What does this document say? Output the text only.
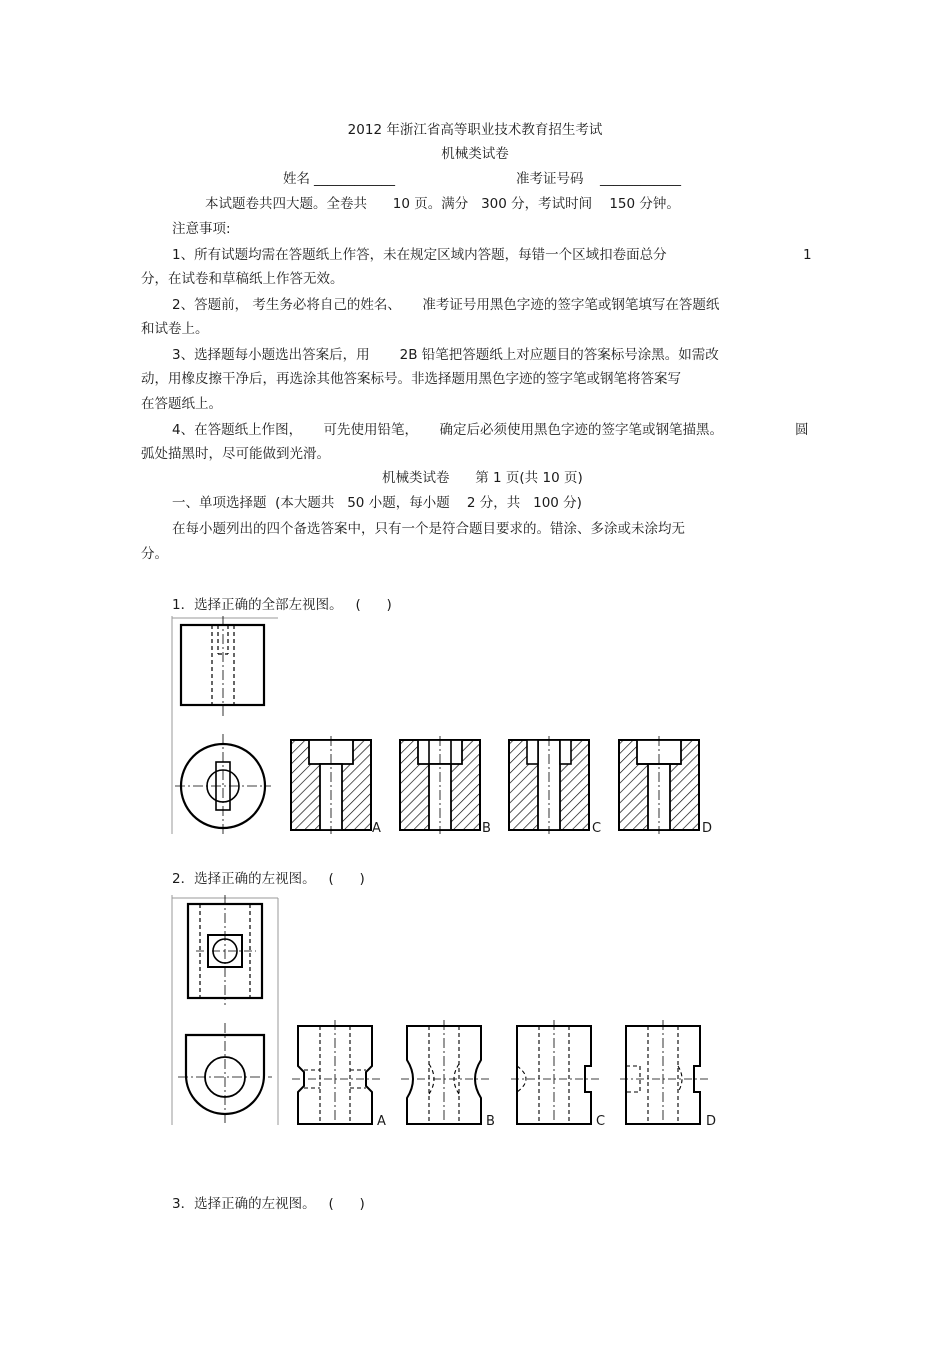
2012 年浙江省高等职业技术教育招生考试
机械类试卷
姓名 ____________	准考证号码 ____________
本试题卷共四大题。全卷共      10 页。满分   300 分，考试时间    150 分钟。
注意事项:
1、所有试题均需在答题纸上作答，未在规定区域内答题，每错一个区域扣卷面总分	1
分，在试卷和草稿纸上作答无效。
2、答题前， 考生务必将自己的姓名、     准考证号用黑色字迹的签字笔或钢笔填写在答题纸
和试卷上。
3、选择题每小题选出答案后，用       2B 铅笔把答题纸上对应题目的答案标号涂黑。如需改
动，用橡皮擦干净后，再选涂其他答案标号。非选择题用黑色字迹的签字笔或钢笔将答案写
在答题纸上。
4、在答题纸上作图，     可先使用铅笔，     确定后必须使用黑色字迹的签字笔或钢笔描黑。	圆
弧处描黑时，尽可能做到光滑。
机械类试卷      第 1 页(共 10 页)
一、单项选择题  (本大题共   50 小题，每小题    2 分，共   100 分)
在每小题列出的四个备选答案中，只有一个是符合题目要求的。错涂、多涂或未涂均无
分。
1．选择正确的全部左视图。   (      )
A	B	C	D
2．选择正确的左视图。   (      )
A	B	C	D
3．选择正确的左视图。   (      )
